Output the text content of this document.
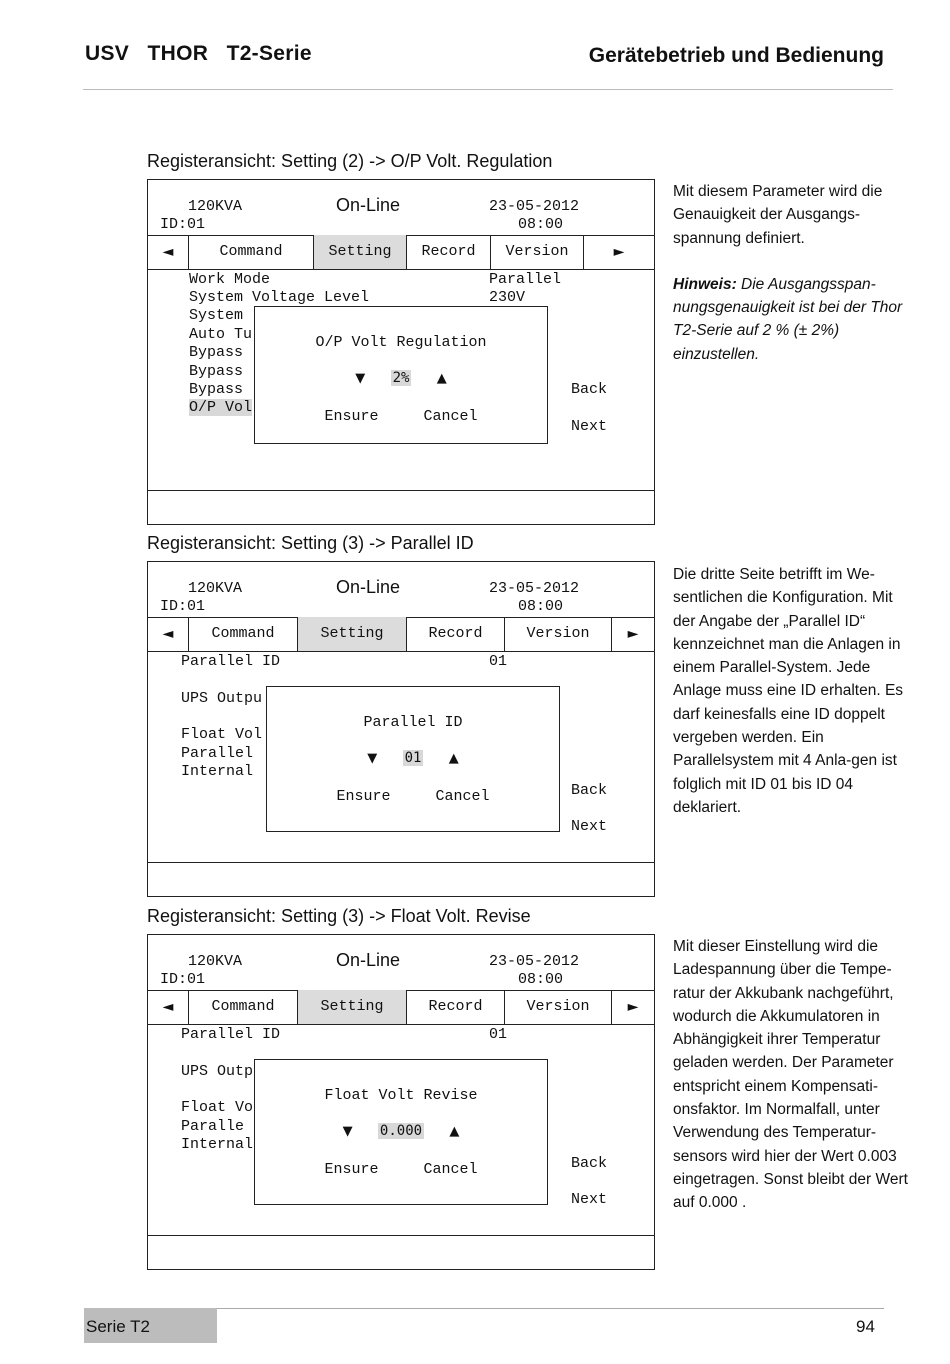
USV   THOR   T2-Serie	Gerätebetrieb und Bedienung
Registeransicht: Setting (2) -> O/P Volt. Regulation
120KVA
ID:01
On-Line	23-05-2012
08:00
◄	Command	Setting	Record	Version	►
Work Mode	Parallel
System Voltage Level	230V
System
Auto Tu
Bypass
Bypass
Bypass
O/P Vol
Back
Next
O/P Volt Regulation
▼ 2% ▲
Ensure	Cancel

Mit diesem Parameter wird die Genauigkeit der Ausgangs-spannung definiert.

Hinweis: Die Ausgangsspan-nungsgenauigkeit ist bei der Thor T2-Serie auf 2 % (± 2%) einzustellen.

Registeransicht: Setting (3) -> Parallel ID
120KVA
ID:01
On-Line	23-05-2012
08:00
◄	Command	Setting	Record	Version	►
Parallel ID	01
UPS Outpu
Float Vol
Parallel
Internal
Back
Next
Parallel ID
▼ 01 ▲
Ensure	Cancel

Die dritte Seite betrifft im We-sentlichen die Konfiguration. Mit der Angabe der „Parallel ID“ kennzeichnet man die Anlagen in einem Parallel-System. Jede Anlage muss eine ID erhalten. Es darf keinesfalls eine ID doppelt vergeben werden. Ein Parallelsystem mit 4 Anla-gen ist folglich mit ID 01 bis ID 04 deklariert.

Registeransicht: Setting (3) -> Float Volt. Revise
120KVA
ID:01
On-Line	23-05-2012
08:00
◄	Command	Setting	Record	Version	►
Parallel ID	01
UPS Outp
Float Vo
Paralle
Internal
Back
Next
Float Volt Revise
▼ 0.000 ▲
Ensure	Cancel

Mit dieser Einstellung wird die Ladespannung über die Tempe-ratur der Akkubank nachgeführt, wodurch die Akkumulatoren in Abhängigkeit ihrer Temperatur geladen werden. Der Parameter entspricht einem Kompensati-onsfaktor. Im Normalfall, unter Verwendung des Temperatur-sensors wird hier der Wert 0.003 eingetragen. Sonst bleibt der Wert auf 0.000 .

Serie T2	94
